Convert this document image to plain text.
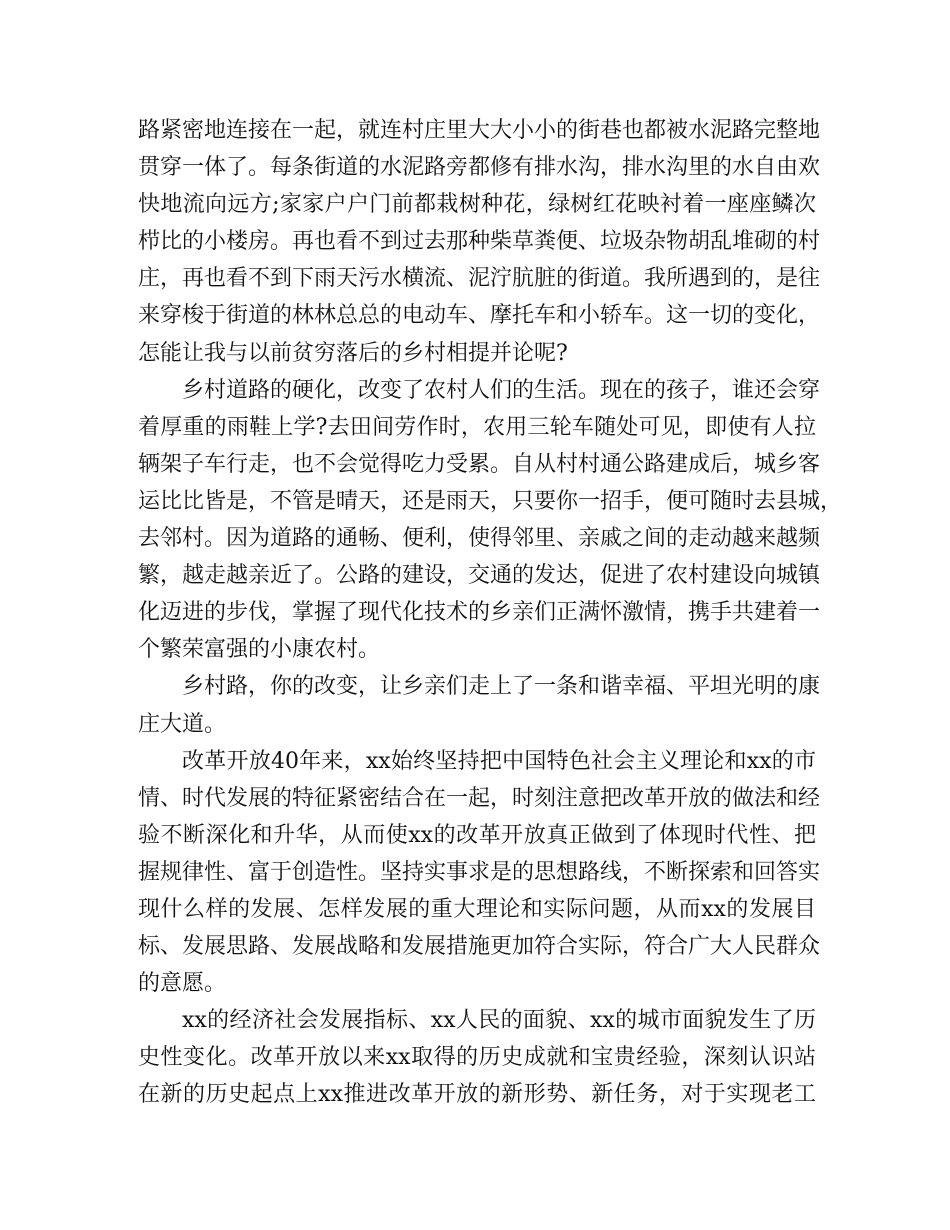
路紧密地连接在一起，就连村庄里大大小小的街巷也都被水泥路完整地
贯穿一体了。每条街道的水泥路旁都修有排水沟，排水沟里的水自由欢
快地流向远方;家家户户门前都栽树种花，绿树红花映衬着一座座鳞次
栉比的小楼房。再也看不到过去那种柴草粪便、垃圾杂物胡乱堆砌的村
庄，再也看不到下雨天污水横流、泥泞肮脏的街道。我所遇到的，是往
来穿梭于街道的林林总总的电动车、摩托车和小轿车。这一切的变化，
怎能让我与以前贫穷落后的乡村相提并论呢?
乡村道路的硬化，改变了农村人们的生活。现在的孩子，谁还会穿
着厚重的雨鞋上学?去田间劳作时，农用三轮车随处可见，即使有人拉
辆架子车行走，也不会觉得吃力受累。自从村村通公路建成后，城乡客
运比比皆是，不管是晴天，还是雨天，只要你一招手，便可随时去县城，
去邻村。因为道路的通畅、便利，使得邻里、亲戚之间的走动越来越频
繁，越走越亲近了。公路的建设，交通的发达，促进了农村建设向城镇
化迈进的步伐，掌握了现代化技术的乡亲们正满怀激情，携手共建着一
个繁荣富强的小康农村。
乡村路，你的改变，让乡亲们走上了一条和谐幸福、平坦光明的康
庄大道。
改革开放40年来，xx始终坚持把中国特色社会主义理论和xx的市
情、时代发展的特征紧密结合在一起，时刻注意把改革开放的做法和经
验不断深化和升华，从而使xx的改革开放真正做到了体现时代性、把
握规律性、富于创造性。坚持实事求是的思想路线，不断探索和回答实
现什么样的发展、怎样发展的重大理论和实际问题，从而xx的发展目
标、发展思路、发展战略和发展措施更加符合实际，符合广大人民群众
的意愿。
xx的经济社会发展指标、xx人民的面貌、xx的城市面貌发生了历
史性变化。改革开放以来xx取得的历史成就和宝贵经验，深刻认识站
在新的历史起点上xx推进改革开放的新形势、新任务，对于实现老工
